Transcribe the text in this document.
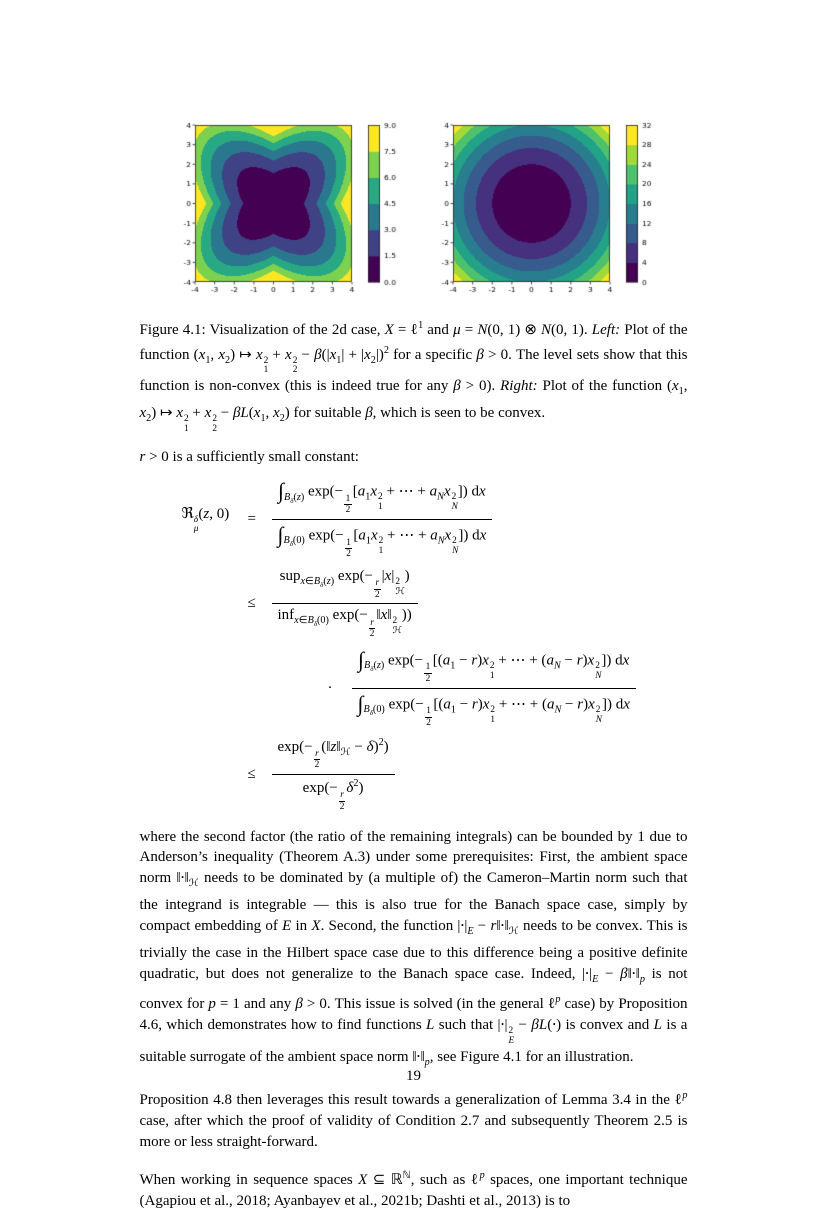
Figure 4.1: Visualization of the 2d case, X = ℓ$^1$ and μ = N(0, 1) ⊗ N(0, 1). Left: Plot of the function ($x_1$, $x_2$) ↦ x 2
1
+ x 2
2
− $\beta(|x_1| + |x_2|)^2$ for a specific β > 0. The level sets show that this function is non-convex (this is indeed true for any β > 0). Right: Plot of the function ($x_1$, $x_2$) ↦ x 2
1
+ x 2
2
− $\beta L(x_1$, $x_2$) for suitable β, which is seen to be convex.

r > 0 is a sufficiently small constant:

ℜ δ
μ
(z, 0)	= $\int_{B_\delta(z)}$ exp(−
$\frac{1}{2}$
[$a_1x$ 2
1
+ ⋯ + $a_Nx$ 2
N
]) dx
$\int_{B_\delta(0)}$ exp(−
$\frac{1}{2}$
[$a_1x$ 2
1
+ ⋯ + $a_Nx$ 2
N
]) dx
≤	sup$_{x\in B_\delta(z)}$ exp(−
$\frac{r}{2}$
|x| 2
ℋ
)
inf$_{x\in B_\delta(0)}$ exp(−
$\frac{r}{2}$
‖x‖ 2
ℋ
))
· $\int_{B_\delta(z)}$ exp(−
$\frac{1}{2}$
[$(a_1 - r)x$ 2
1
+ ⋯ + $(a_N - r)x$ 2
N
]) dx
$\int_{B_\delta(0)}$ exp(−
$\frac{1}{2}$
[$(a_1 - r)x$ 2
1
+ ⋯ + $(a_N - r)x$ 2
N
]) dx
≤	exp(−
$\frac{r}{2}$
$(‖z‖_ℋ - \delta)^2$)
exp(−
$\frac{r}{2}$
$\delta^2$)

where the second factor (the ratio of the remaining integrals) can be bounded by 1 due to Anderson’s inequality (Theorem A.3) under some prerequisites: First, the ambient space norm $‖•‖_ℋ$ needs to be dominated by (a multiple of) the Cameron–Martin norm such that the integrand is integrable — this is also true for the Banach space case, simply by compact embedding of E in X. Second, the function $|•|_E$ − $r‖•‖_ℋ$ needs to be convex. This is trivially the case in the Hilbert space case due to this difference being a positive definite quadratic, but does not generalize to the Banach space case. Indeed, $|•|_E$ − $\beta‖•‖_p$ is not convex for p = 1 and any β > 0. This issue is solved (in the general ℓ$^p$ case) by Proposition 4.6, which demonstrates how to find functions L such that |•| 2
E
− βL(•) is convex and L is a suitable surrogate of the ambient space norm $‖•‖_p$, see Figure 4.1 for an illustration.

Proposition 4.8 then leverages this result towards a generalization of Lemma 3.4 in the ℓ$^p$ case, after which the proof of validity of Condition 2.7 and subsequently Theorem 2.5 is more or less straight-forward.

When working in sequence spaces X ⊆ ℝ$^ℕ$, such as ℓ$^p$ spaces, one important technique (Agapiou et al., 2018; Ayanbayev et al., 2021b; Dashti et al., 2013) is to

19
